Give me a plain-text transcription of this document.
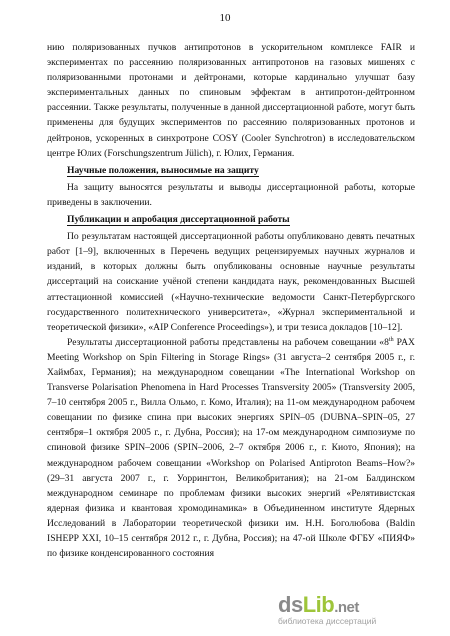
10

нию поляризованных пучков антипротонов в ускорительном комплексе FAIR и экспериментах по рассеянию поляризованных антипротонов на газовых мишенях с поляризованными протонами и дейтронами, которые кардинально улучшат базу экспериментальных данных по спиновым эффектам в антипротон-дейтронном рассеянии. Также результаты, полученные в данной диссертационной работе, могут быть применены для будущих экспериментов по рассеянию поляризованных протонов и дейтронов, ускоренных в синхротроне COSY (Cooler Synchrotron) в исследовательском центре Юлих (Forschungszentrum Jülich), г. Юлих, Германия.

Научные положения, выносимые на защиту

На защиту выносятся результаты и выводы диссертационной работы, которые приведены в заключении.

Публикации и апробация диссертационной работы

По результатам настоящей диссертационной работы опубликовано девять печатных работ [1–9], включенных в Перечень ведущих рецензируемых научных журналов и изданий, в которых должны быть опубликованы основные научные результаты диссертаций на соискание учёной степени кандидата наук, рекомендованных Высшей аттестационной комиссией («Научно-технические ведомости Санкт-Петербургского государственного политехнического университета», «Журнал экспериментальной и теоретической физики», «AIP Conference Proceedings»), и три тезиса докладов [10–12].

Результаты диссертационной работы представлены на рабочем совещании «8th PAX Meeting Workshop on Spin Filtering in Storage Rings» (31 августа–2 сентября 2005 г., г. Хаймбах, Германия); на международном совещании «The International Workshop on Transverse Polarisation Phenomena in Hard Processes Transversity 2005» (Transversity 2005, 7–10 сентября 2005 г., Вилла Ольмо, г. Комо, Италия); на 11-ом международном рабочем совещании по физике спина при высоких энергиях SPIN–05 (DUBNA–SPIN–05, 27 сентября–1 октября 2005 г., г. Дубна, Россия); на 17-ом международном симпозиуме по спиновой физике SPIN–2006 (SPIN–2006, 2–7 октября 2006 г., г. Киото, Япония); на международном рабочем совещании «Workshop on Polarised Antiproton Beams–How?» (29–31 августа 2007 г., г. Уоррингтон, Великобритания); на 21-ом Балдинском международном семинаре по проблемам физики высоких энергий «Релятивистская ядерная физика и квантовая хромодинамика» в Объединенном институте Ядерных Исследований в Лаборатории теоретической физики им. Н.Н. Боголюбова (Baldin ISHEPP XXI, 10–15 сентября 2012 г., г. Дубна, Россия); на 47-ой Школе ФГБУ «ПИЯФ» по физике конденсированного состояния

dsLib.net
библиотека диссертаций
